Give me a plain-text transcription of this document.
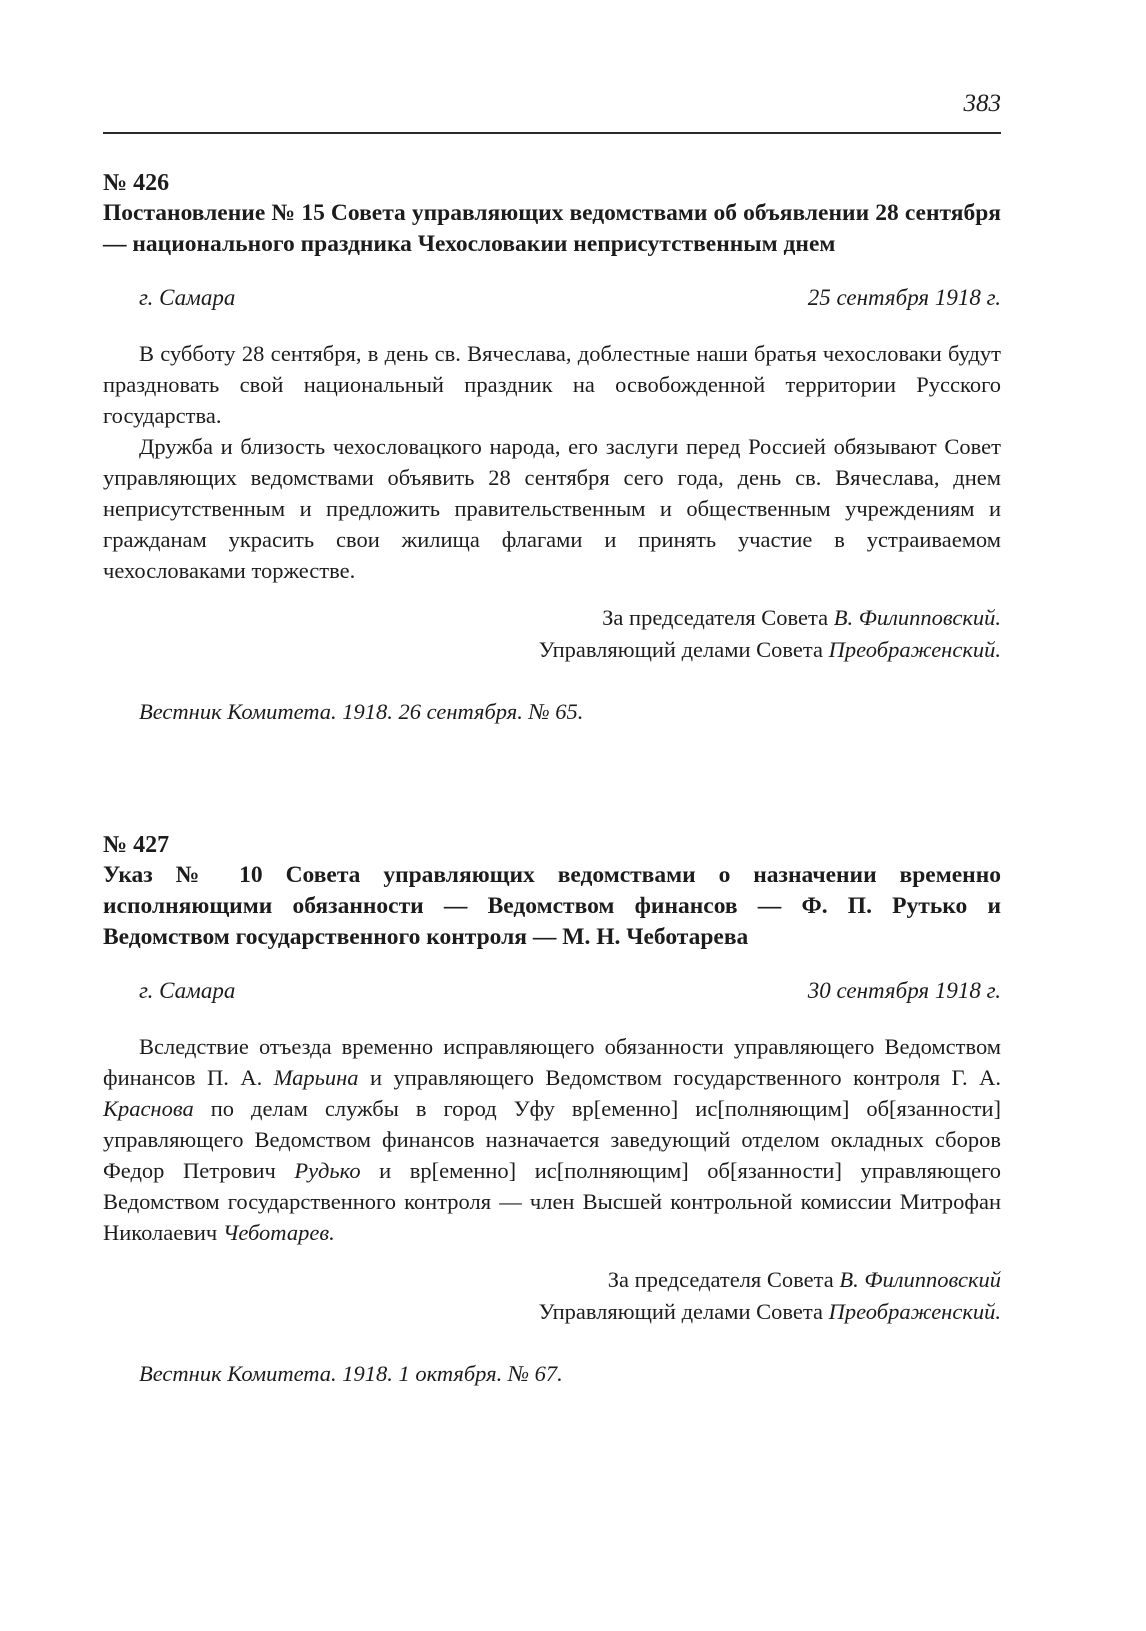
383
№ 426
Постановление № 15 Совета управляющих ведомствами об объявлении 28 сентября — национального праздника Чехословакии неприсутственным днем
г. Самара	25 сентября 1918 г.

В субботу 28 сентября, в день св. Вячеслава, доблестные наши братья чехословаки будут праздновать свой национальный праздник на освобожденной территории Русского государства.

Дружба и близость чехословацкого народа, его заслуги перед Россией обязывают Совет управляющих ведомствами объявить 28 сентября сего года, день св. Вячеслава, днем неприсутственным и предложить правительственным и общественным учреждениям и гражданам украсить свои жилища флагами и принять участие в устраиваемом чехословаками торжестве.

За председателя Совета В. Филипповский.
Управляющий делами Совета Преображенский.
Вестник Комитета. 1918. 26 сентября. № 65.
№ 427
Указ № 10 Совета управляющих ведомствами о назначении временно исполняющими обязанности — Ведомством финансов — Ф. П. Рутько и Ведомством государственного контроля — М. Н. Чеботарева
г. Самара	30 сентября 1918 г.

Вследствие отъезда временно исправляющего обязанности управляющего Ведомством финансов П. А. Марьина и управляющего Ведомством государственного контроля Г. А. Краснова по делам службы в город Уфу вр[еменно] ис[полняющим] об[язанности] управляющего Ведомством финансов назначается заведующий отделом окладных сборов Федор Петрович Рудько и вр[еменно] ис[полняющим] об[язанности] управляющего Ведомством государственного контроля — член Высшей контрольной комиссии Митрофан Николаевич Чеботарев.

За председателя Совета В. Филипповский
Управляющий делами Совета Преображенский.
Вестник Комитета. 1918. 1 октября. № 67.
